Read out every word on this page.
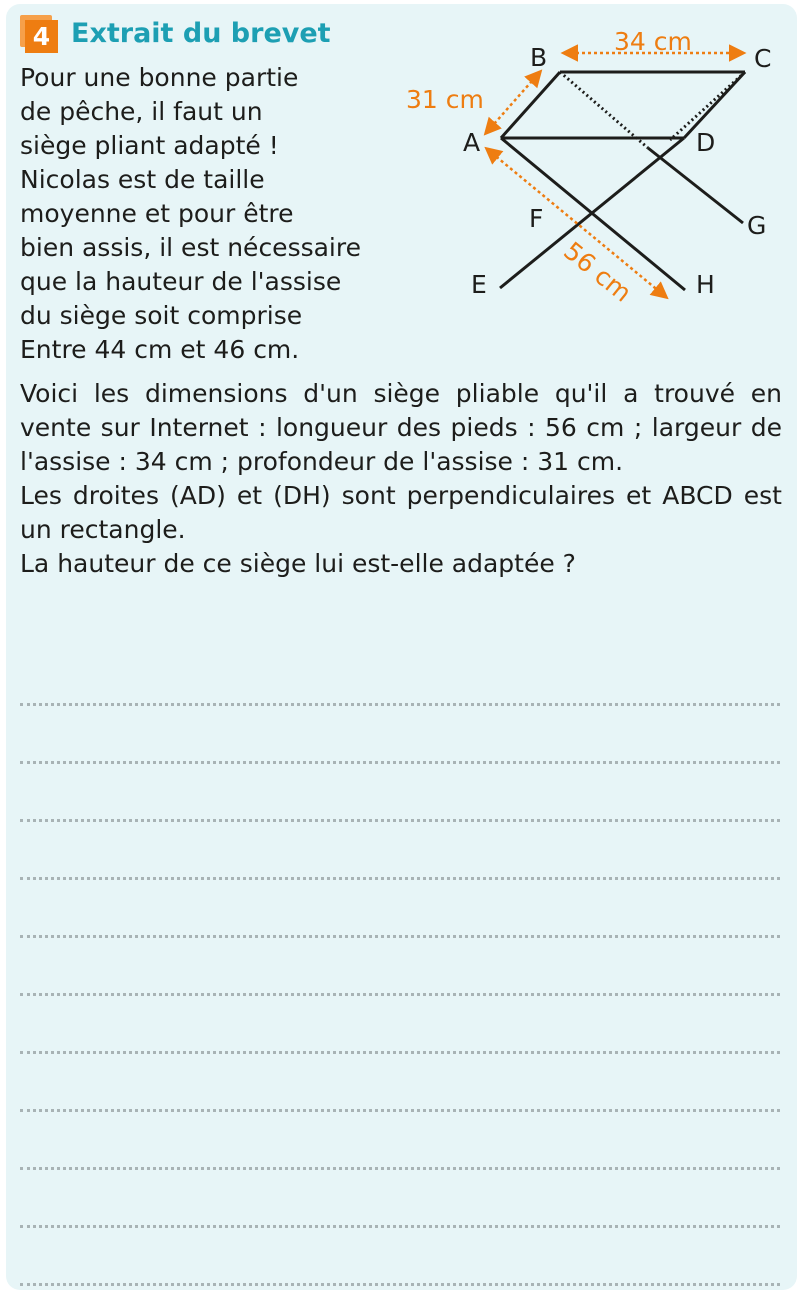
4 Extrait du brevet
Pour une bonne partie
de pêche, il faut un
siège pliant adapté !
Nicolas est de taille
moyenne et pour être
bien assis, il est nécessaire
que la hauteur de l'assise
du siège soit comprise
Entre 44 cm et 46 cm.
34 cm
31 cm
56 cm
B	C
A	D
F	G
E	H

Voici les dimensions d'un siège pliable qu'il a trouvé en vente sur Internet : longueur des pieds : 56 cm ; largeur de l'assise : 34 cm ; profondeur de l'assise : 31 cm.

Les droites (AD) et (DH) sont perpendiculaires et ABCD est un rectangle.

La hauteur de ce siège lui est-elle adaptée ?
